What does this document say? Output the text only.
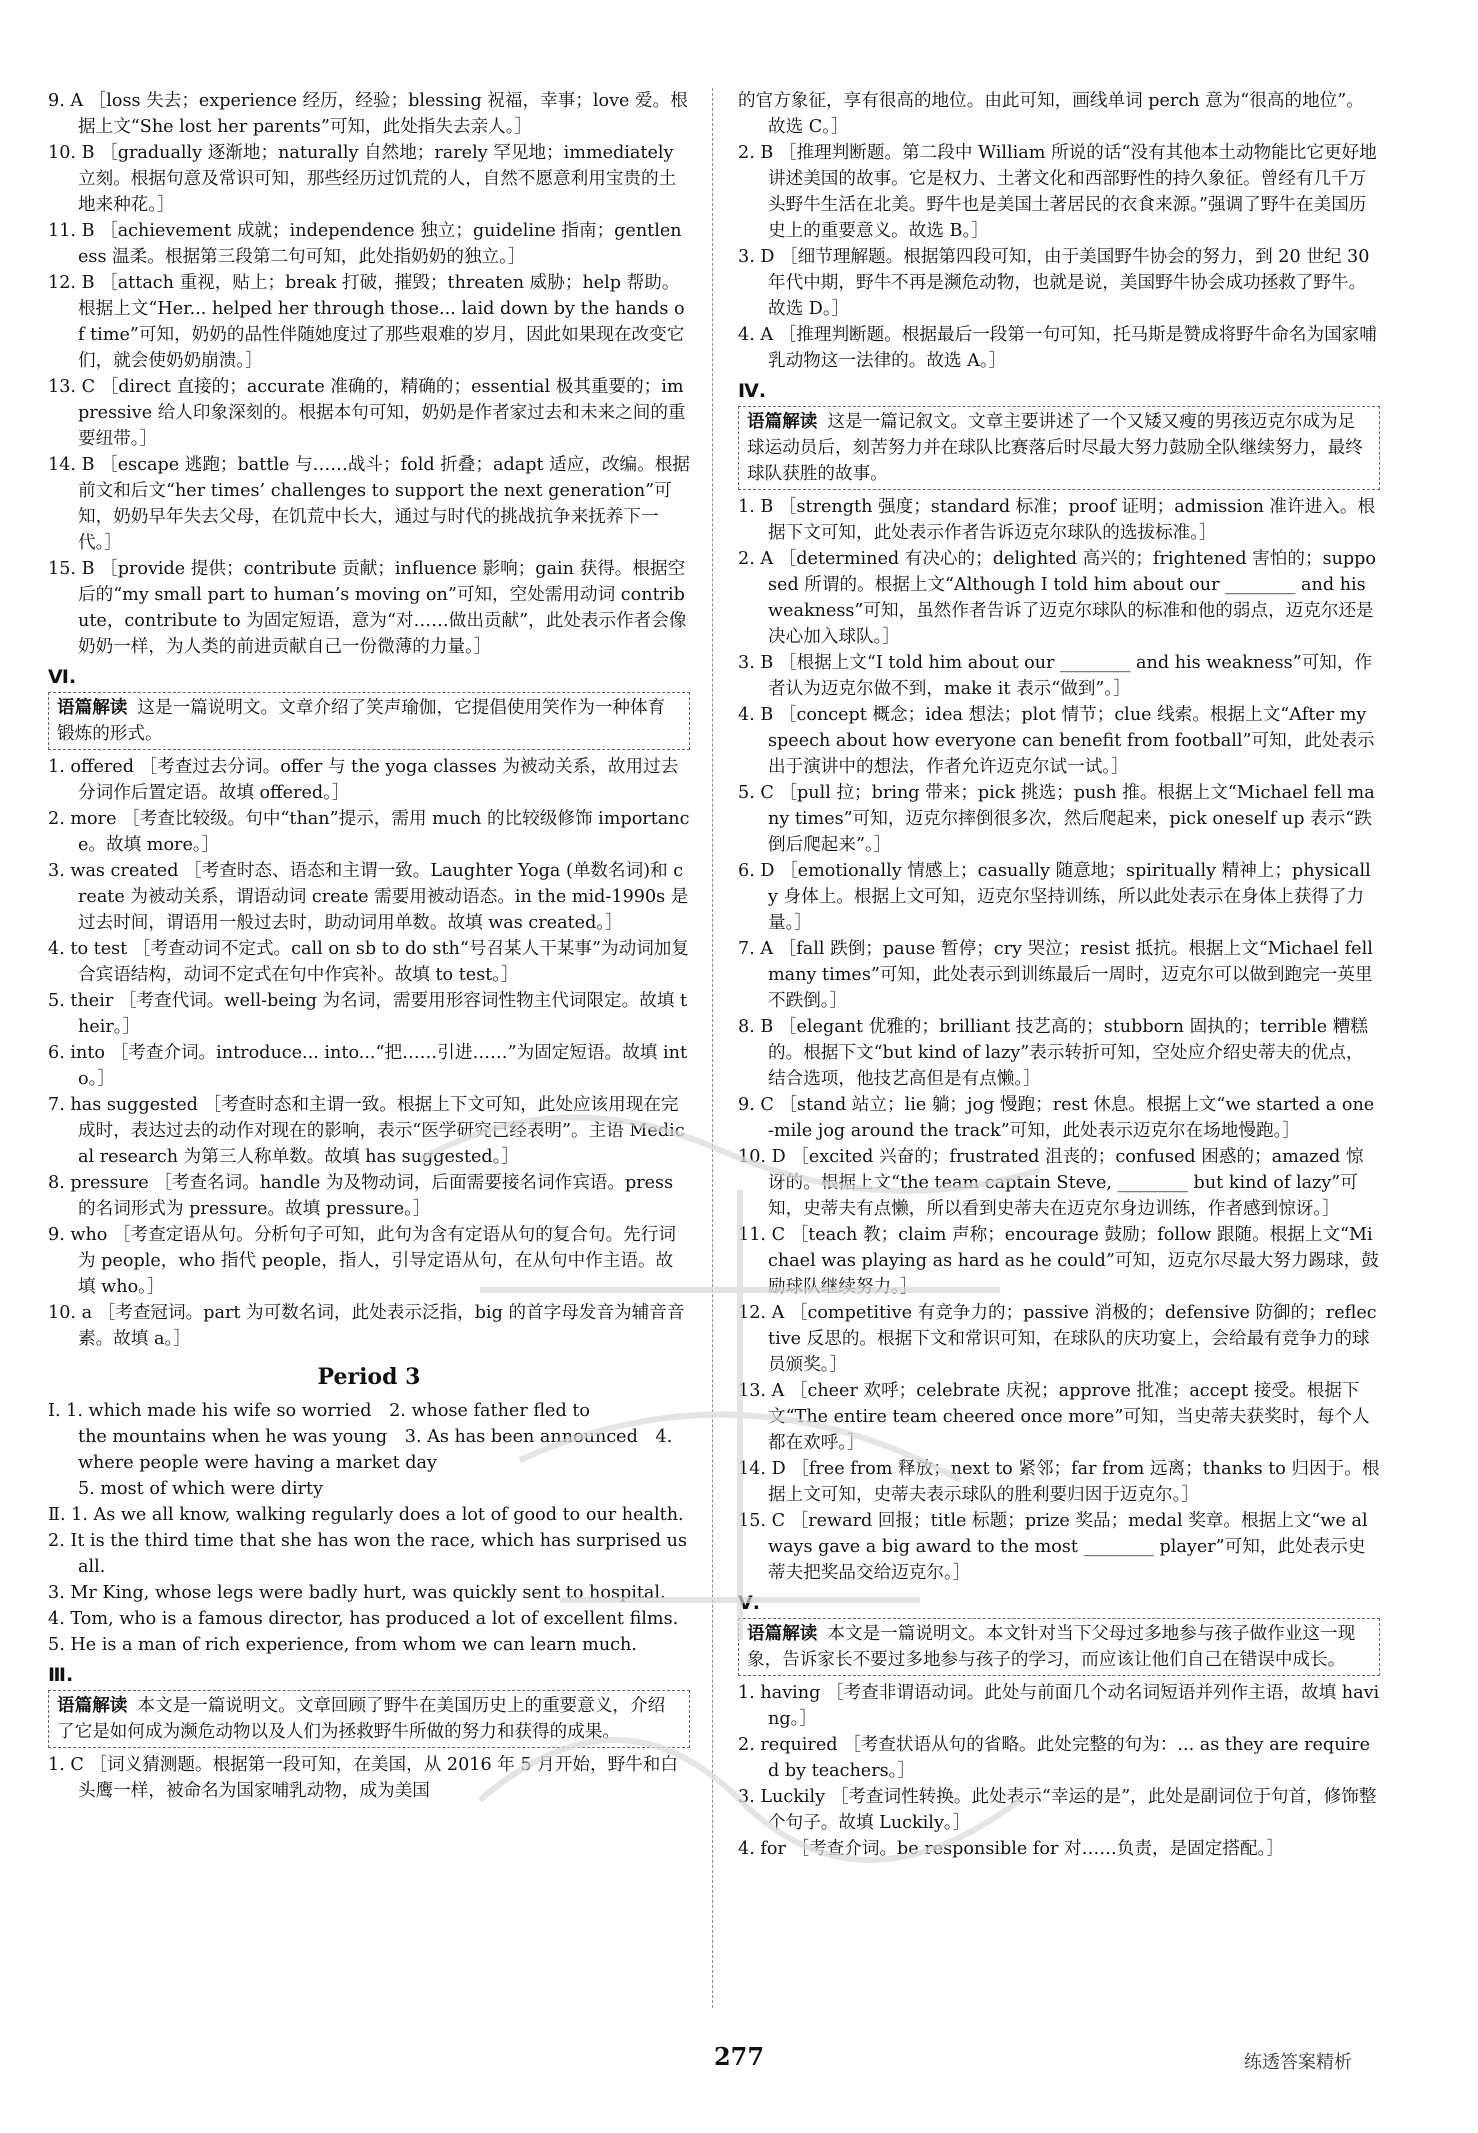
9. A ［loss 失去；experience 经历，经验；blessing 祝福，幸事；love 爱。根据上文“She lost her parents”可知，此处指失去亲人。］

10. B ［gradually 逐渐地；naturally 自然地；rarely 罕见地；immediately 立刻。根据句意及常识可知，那些经历过饥荒的人，自然不愿意利用宝贵的土地来种花。］

11. B ［achievement 成就；independence 独立；guideline 指南；gentleness 温柔。根据第三段第二句可知，此处指奶奶的独立。］

12. B ［attach 重视，贴上；break 打破，摧毁；threaten 威胁；help 帮助。根据上文“Her... helped her through those... laid down by the hands of time”可知，奶奶的品性伴随她度过了那些艰难的岁月，因此如果现在改变它们，就会使奶奶崩溃。］

13. C ［direct 直接的；accurate 准确的，精确的；essential 极其重要的；impressive 给人印象深刻的。根据本句可知，奶奶是作者家过去和未来之间的重要纽带。］

14. B ［escape 逃跑；battle 与……战斗；fold 折叠；adapt 适应，改编。根据前文和后文“her times’ challenges to support the next generation”可知，奶奶早年失去父母，在饥荒中长大，通过与时代的挑战抗争来抚养下一代。］

15. B ［provide 提供；contribute 贡献；influence 影响；gain 获得。根据空后的“my small part to human’s moving on”可知，空处需用动词 contribute，contribute to 为固定短语，意为“对……做出贡献”，此处表示作者会像奶奶一样，为人类的前进贡献自己一份微薄的力量。］

Ⅵ.
语篇解读 这是一篇说明文。文章介绍了笑声瑜伽，它提倡使用笑作为一种体育锻炼的形式。

1. offered ［考查过去分词。offer 与 the yoga classes 为被动关系，故用过去分词作后置定语。故填 offered。］

2. more ［考查比较级。句中“than”提示，需用 much 的比较级修饰 importance。故填 more。］

3. was created ［考查时态、语态和主谓一致。Laughter Yoga (单数名词)和 create 为被动关系，谓语动词 create 需要用被动语态。in the mid-1990s 是过去时间，谓语用一般过去时，助动词用单数。故填 was created。］

4. to test ［考查动词不定式。call on sb to do sth“号召某人干某事”为动词加复合宾语结构，动词不定式在句中作宾补。故填 to test。］

5. their ［考查代词。well-being 为名词，需要用形容词性物主代词限定。故填 their。］

6. into ［考查介词。introduce... into...“把……引进……”为固定短语。故填 into。］

7. has suggested ［考查时态和主谓一致。根据上下文可知，此处应该用现在完成时，表达过去的动作对现在的影响，表示“医学研究已经表明”。主语 Medical research 为第三人称单数。故填 has suggested。］

8. pressure ［考查名词。handle 为及物动词，后面需要接名词作宾语。press 的名词形式为 pressure。故填 pressure。］

9. who ［考查定语从句。分析句子可知，此句为含有定语从句的复合句。先行词为 people，who 指代 people，指人，引导定语从句，在从句中作主语。故填 who。］

10. a ［考查冠词。part 为可数名词，此处表示泛指，big 的首字母发音为辅音音素。故填 a。］

Period 3

Ⅰ. 1. which made his wife so worried　2. whose father fled to

the mountains when he was young　3. As has been announced　4. where people were having a market day

5. most of which were dirty

Ⅱ. 1. As we all know, walking regularly does a lot of good to our health.

2. It is the third time that she has won the race, which has surprised us all.

3. Mr King, whose legs were badly hurt, was quickly sent to hospital.

4. Tom, who is a famous director, has produced a lot of excellent films.

5. He is a man of rich experience, from whom we can learn much.

Ⅲ.
语篇解读 本文是一篇说明文。文章回顾了野牛在美国历史上的重要意义，介绍了它是如何成为濒危动物以及人们为拯救野牛所做的努力和获得的成果。

1. C ［词义猜测题。根据第一段可知，在美国，从 2016 年 5 月开始，野牛和白头鹰一样，被命名为国家哺乳动物，成为美国

的官方象征，享有很高的地位。由此可知，画线单词 perch 意为“很高的地位”。故选 C。］

2. B ［推理判断题。第二段中 William 所说的话“没有其他本土动物能比它更好地讲述美国的故事。它是权力、土著文化和西部野性的持久象征。曾经有几千万头野牛生活在北美。野牛也是美国土著居民的衣食来源。”强调了野牛在美国历史上的重要意义。故选 B。］

3. D ［细节理解题。根据第四段可知，由于美国野牛协会的努力，到 20 世纪 30 年代中期，野牛不再是濒危动物，也就是说，美国野牛协会成功拯救了野牛。故选 D。］

4. A ［推理判断题。根据最后一段第一句可知，托马斯是赞成将野牛命名为国家哺乳动物这一法律的。故选 A。］

Ⅳ.
语篇解读 这是一篇记叙文。文章主要讲述了一个又矮又瘦的男孩迈克尔成为足球运动员后，刻苦努力并在球队比赛落后时尽最大努力鼓励全队继续努力，最终球队获胜的故事。

1. B ［strength 强度；standard 标准；proof 证明；admission 准许进入。根据下文可知，此处表示作者告诉迈克尔球队的选拔标准。］

2. A ［determined 有决心的；delighted 高兴的；frightened 害怕的；supposed 所谓的。根据上文“Although I told him about our ________ and his weakness”可知，虽然作者告诉了迈克尔球队的标准和他的弱点，迈克尔还是决心加入球队。］

3. B ［根据上文“I told him about our ________ and his weakness”可知，作者认为迈克尔做不到，make it 表示“做到”。］

4. B ［concept 概念；idea 想法；plot 情节；clue 线索。根据上文“After my speech about how everyone can benefit from football”可知，此处表示出于演讲中的想法，作者允许迈克尔试一试。］

5. C ［pull 拉；bring 带来；pick 挑选；push 推。根据上文“Michael fell many times”可知，迈克尔摔倒很多次，然后爬起来，pick oneself up 表示“跌倒后爬起来”。］

6. D ［emotionally 情感上；casually 随意地；spiritually 精神上；physically 身体上。根据上文可知，迈克尔坚持训练，所以此处表示在身体上获得了力量。］

7. A ［fall 跌倒；pause 暂停；cry 哭泣；resist 抵抗。根据上文“Michael fell many times”可知，此处表示到训练最后一周时，迈克尔可以做到跑完一英里不跌倒。］

8. B ［elegant 优雅的；brilliant 技艺高的；stubborn 固执的；terrible 糟糕的。根据下文“but kind of lazy”表示转折可知，空处应介绍史蒂夫的优点，结合选项，他技艺高但是有点懒。］

9. C ［stand 站立；lie 躺；jog 慢跑；rest 休息。根据上文“we started a one-mile jog around the track”可知，此处表示迈克尔在场地慢跑。］

10. D ［excited 兴奋的；frustrated 沮丧的；confused 困惑的；amazed 惊讶的。根据上文“the team captain Steve, ________ but kind of lazy”可知，史蒂夫有点懒，所以看到史蒂夫在迈克尔身边训练，作者感到惊讶。］

11. C ［teach 教；claim 声称；encourage 鼓励；follow 跟随。根据上文“Michael was playing as hard as he could”可知，迈克尔尽最大努力踢球，鼓励球队继续努力。］

12. A ［competitive 有竞争力的；passive 消极的；defensive 防御的；reflective 反思的。根据下文和常识可知，在球队的庆功宴上，会给最有竞争力的球员颁奖。］

13. A ［cheer 欢呼；celebrate 庆祝；approve 批准；accept 接受。根据下文“The entire team cheered once more”可知，当史蒂夫获奖时，每个人都在欢呼。］

14. D ［free from 释放；next to 紧邻；far from 远离；thanks to 归因于。根据上文可知，史蒂夫表示球队的胜利要归因于迈克尔。］

15. C ［reward 回报；title 标题；prize 奖品；medal 奖章。根据上文“we always gave a big award to the most ________ player”可知，此处表示史蒂夫把奖品交给迈克尔。］

Ⅴ.
语篇解读 本文是一篇说明文。本文针对当下父母过多地参与孩子做作业这一现象，告诉家长不要过多地参与孩子的学习，而应该让他们自己在错误中成长。

1. having ［考查非谓语动词。此处与前面几个动名词短语并列作主语，故填 having。］

2. required ［考查状语从句的省略。此处完整的句为：... as they are required by teachers。］

3. Luckily ［考查词性转换。此处表示“幸运的是”，此处是副词位于句首，修饰整个句子。故填 Luckily。］

4. for ［考查介词。be responsible for 对……负责，是固定搭配。］

277	练透答案精析
